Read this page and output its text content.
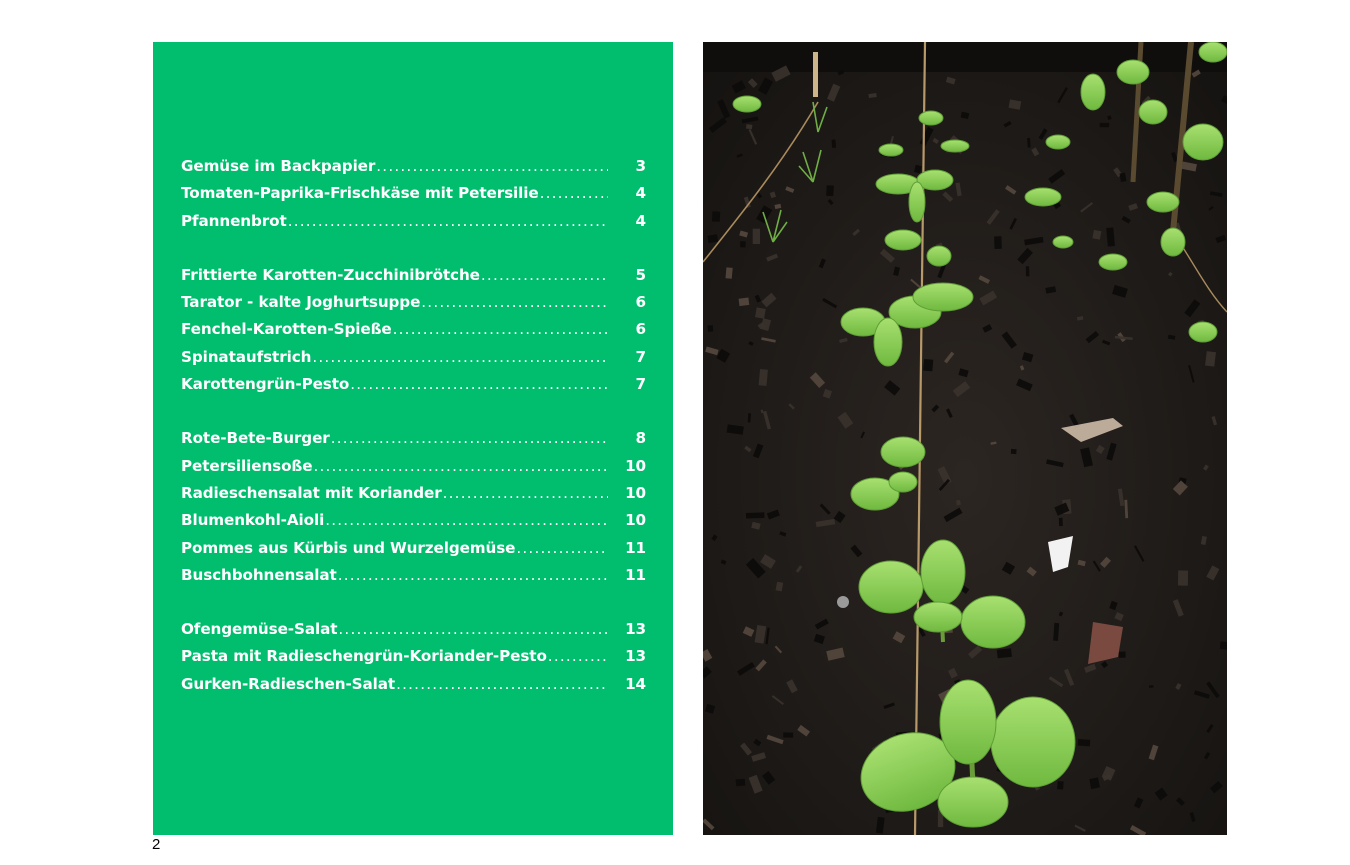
Gemüse im Backpapier .....	3
Tomaten-Paprika-Frischkäse mit Petersilie .....	4
Pfannenbrot .....	4
Frittierte Karotten-Zucchinibrötche .....	5
Tarator - kalte Joghurtsuppe .....	6
Fenchel-Karotten-Spieße .....	6
Spinataufstrich .....	7
Karottengrün-Pesto .....	7
Rote-Bete-Burger .....	8
Petersiliensoße .....	10
Radieschensalat mit Koriander .....	10
Blumenkohl-Aioli .....	10
Pommes aus Kürbis und Wurzelgemüse .....	11
Buschbohnensalat .....	11
Ofengemüse-Salat .....	13
Pasta mit Radieschengrün-Koriander-Pesto .....	13
Gurken-Radieschen-Salat .....	14
2
